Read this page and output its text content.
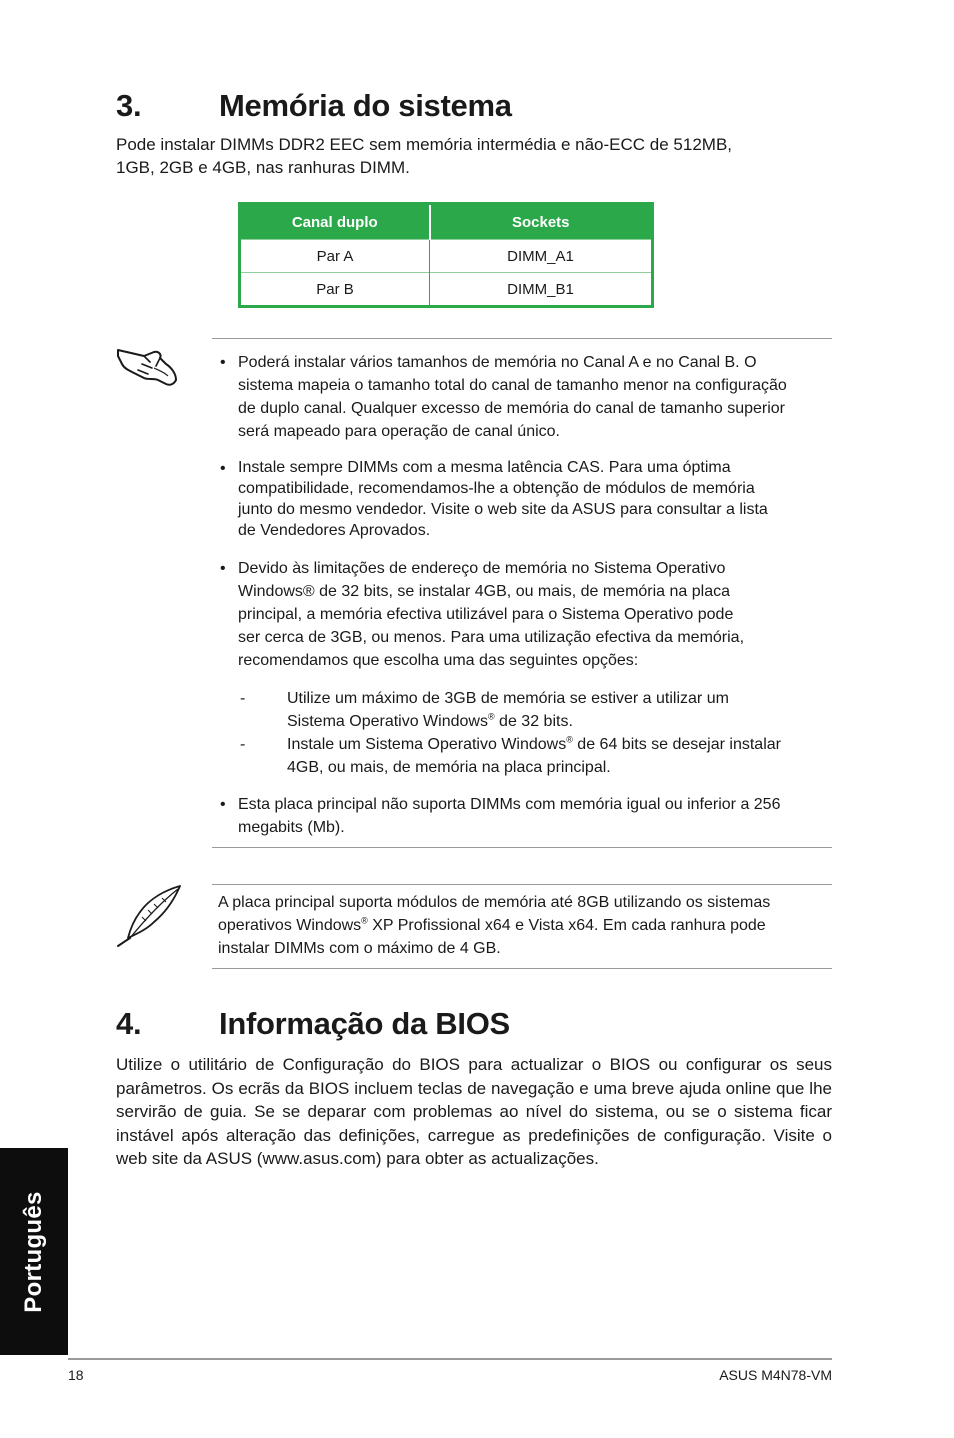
3.	Memória do sistema
Pode instalar DIMMs DDR2 EEC sem memória intermédia e não-ECC de 512MB,
1GB, 2GB e 4GB, nas ranhuras DIMM.
Canal duplo	Sockets
Par A	DIMM_A1
Par B	DIMM_B1
• Poderá instalar vários tamanhos de memória no Canal A e no Canal B. O
sistema mapeia o tamanho total do canal de tamanho menor na configuração
de duplo canal. Qualquer excesso de memória do canal de tamanho superior
será mapeado para operação de canal único.
• Instale sempre DIMMs com a mesma latência CAS. Para uma óptima
compatibilidade, recomendamos-lhe a obtenção de módulos de memória
junto do mesmo vendedor. Visite o web site da ASUS para consultar a lista
de Vendedores Aprovados.
• Devido às limitações de endereço de memória no Sistema Operativo
Windows® de 32 bits, se instalar 4GB, ou mais, de memória na placa
principal, a memória efectiva utilizável para o Sistema Operativo pode
ser cerca de 3GB, ou menos. Para uma utilização efectiva da memória,
recomendamos que escolha uma das seguintes opções:
-	Utilize um máximo de 3GB de memória se estiver a utilizar um
Sistema Operativo Windows® de 32 bits.
-	Instale um Sistema Operativo Windows® de 64 bits se desejar instalar
4GB, ou mais, de memória na placa principal.
• Esta placa principal não suporta DIMMs com memória igual ou inferior a 256
megabits (Mb).
A placa principal suporta módulos de memória até 8GB utilizando os sistemas
operativos Windows® XP Profissional x64 e Vista x64. Em cada ranhura pode
instalar DIMMs com o máximo de 4 GB.
4.	Informação da BIOS
Utilize o utilitário de Configuração do BIOS para actualizar o BIOS ou configurar os seus parâmetros. Os ecrãs da BIOS incluem teclas de navegação e uma breve ajuda online que lhe servirão de guia. Se se deparar com problemas ao nível do sistema, ou se o sistema ficar instável após alteração das definições, carregue as predefinições de configuração. Visite o web site da ASUS (www.asus.com) para obter as actualizações.
Português
18	ASUS M4N78-VM
